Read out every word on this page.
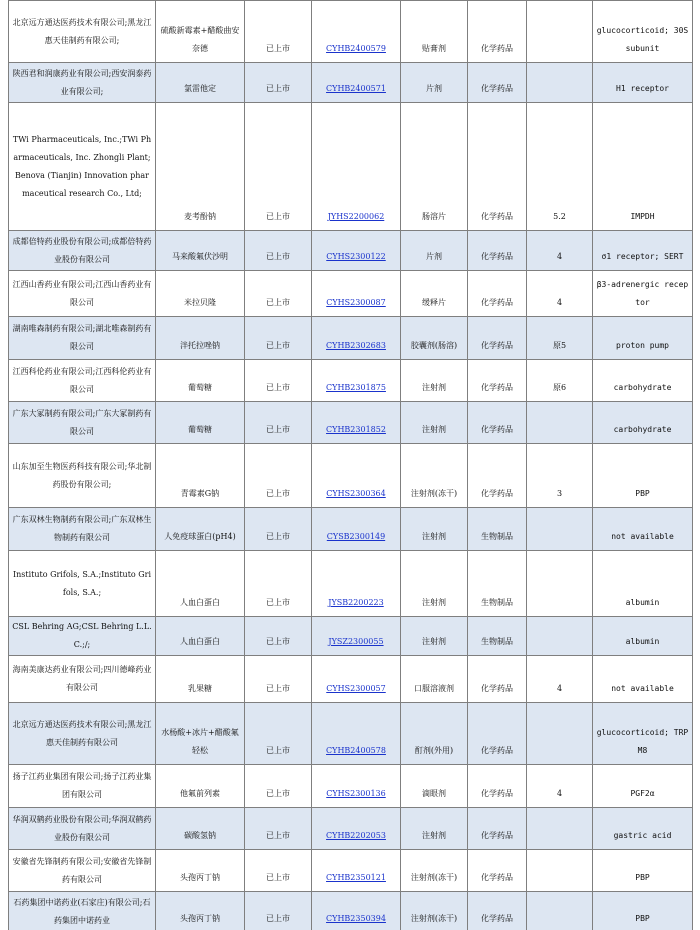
北京远方通达医药技术有限公司;黑龙江惠天佳制药有限公司;	硫酸新霉素+醋酸曲安奈德	已上市	CYHB2400579	贴膏剂	化学药品		glucocorticoid; 30S subunit
陕西君和润康药业有限公司;西安润泰药业有限公司;	氯雷他定	已上市	CYHB2400571	片剂	化学药品		H1 receptor
TWi Pharmaceuticals, Inc.;TWi Pharmaceuticals, Inc. Zhongli Plant;Benova (Tianjin) Innovation pharmaceutical research Co., Ltd;	麦考酚钠	已上市	JYHS2200062	肠溶片	化学药品	5.2	IMPDH
成都倍特药业股份有限公司;成都倍特药业股份有限公司	马来酸氟伏沙明	已上市	CYHS2300122	片剂	化学药品	4	σ1 receptor; SERT
江西山香药业有限公司;江西山香药业有限公司	米拉贝隆	已上市	CYHS2300087	缓释片	化学药品	4	β3-adrenergic receptor
湖南唯森制药有限公司;湖北唯森制药有限公司	泮托拉唑钠	已上市	CYHB2302683	胶囊剂(肠溶)	化学药品	原5	proton pump
江西科伦药业有限公司;江西科伦药业有限公司	葡萄糖	已上市	CYHB2301875	注射剂	化学药品	原6	carbohydrate
广东大冢制药有限公司;广东大冢制药有限公司	葡萄糖	已上市	CYHB2301852	注射剂	化学药品		carbohydrate
山东加至生物医药科技有限公司;华北制药股份有限公司;	青霉素G钠	已上市	CYHS2300364	注射剂(冻干)	化学药品	3	PBP
广东双林生物制药有限公司;广东双林生物制药有限公司	人免疫球蛋白(pH4)	已上市	CYSB2300149	注射剂	生物制品		not available
Instituto Grifols, S.A.;Instituto Grifols, S.A.;	人血白蛋白	已上市	JYSB2200223	注射剂	生物制品		albumin
CSL Behring AG;CSL Behring L.L.C.;/;	人血白蛋白	已上市	JYSZ2300055	注射剂	生物制品		albumin
海南美康达药业有限公司;四川德峰药业有限公司	乳果糖	已上市	CYHS2300057	口服溶液剂	化学药品	4	not available
北京远方通达医药技术有限公司;黑龙江惠天佳制药有限公司	水杨酸+冰片+醋酸氟轻松	已上市	CYHB2400578	酊剂(外用)	化学药品		glucocorticoid; TRPM8
扬子江药业集团有限公司;扬子江药业集团有限公司	他氟前列素	已上市	CYHS2300136	滴眼剂	化学药品	4	PGF2α
华润双鹤药业股份有限公司;华润双鹤药业股份有限公司	碳酸氢钠	已上市	CYHB2202053	注射剂	化学药品		gastric acid
安徽省先锋制药有限公司;安徽省先锋制药有限公司	头孢丙丁钠	已上市	CYHB2350121	注射剂(冻干)	化学药品		PBP
石药集团中诺药业(石家庄)有限公司;石药集团中诺药业	头孢丙丁钠	已上市	CYHB2350394	注射剂(冻干)	化学药品		PBP
